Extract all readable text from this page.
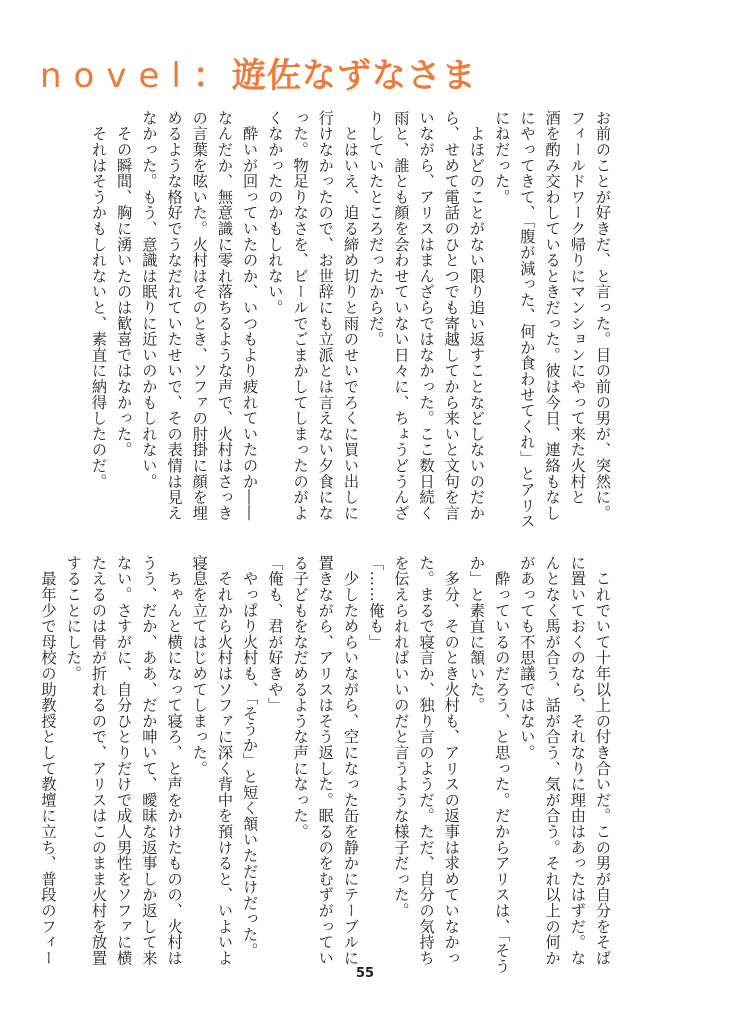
novel： 遊佐なずなさま

お前のことが好きだ、と言った。目の前の男が、突然に。

フィールドワーク帰りにマンションにやって来た火村と

酒を酌み交わしているときだった。彼は今日、連絡もなし

にやってきて、「腹が減った、何か食わせてくれ」とアリス

にねだった。

　よほどのことがない限り追い返すことなどしないのだか

ら、せめて電話のひとつでも寄越してから来いと文句を言

いながら、アリスはまんざらではなかった。ここ数日続く

雨と、誰とも顔を会わせていない日々に、ちょうどうんざ

りしていたところだったからだ。

　とはいえ、迫る締め切りと雨のせいでろくに買い出しに

行けなかったので、お世辞にも立派とは言えない夕食にな

った。物足りなさを、ビールでごまかしてしまったのがよ

くなかったのかもしれない。

　酔いが回っていたのか、いつもより疲れていたのか――

なんだか、無意識に零れ落ちるような声で、火村はさっき

の言葉を呟いた。火村はそのとき、ソファの肘掛に顔を埋

めるような格好でうなだれていたせいで、その表情は見え

なかった。もう、意識は眠りに近いのかもしれない。

　その瞬間、胸に湧いたのは歓喜ではなかった。

　それはそうかもしれないと、素直に納得したのだ。

　これでいて十年以上の付き合いだ。この男が自分をそば

に置いておくのなら、それなりに理由はあったはずだ。な

んとなく馬が合う、話が合う、気が合う。それ以上の何か

があっても不思議ではない。

　酔っているのだろう、と思った。だからアリスは、「そう

か」と素直に頷いた。

　多分、そのとき火村も、アリスの返事は求めていなかっ

た。まるで寝言か、独り言のようだ。ただ、自分の気持ち

を伝えられればいいのだと言うような様子だった。

「……俺も」

　少しためらいながら、空になった缶を静かにテーブルに

置きながら、アリスはそう返した。眠るのをむずがってい

る子どもをなだめるような声になった。

「俺も、君が好きや」

　やっぱり火村も、「そうか」と短く頷いただけだった。

　それから火村はソファに深く背中を預けると、いよいよ

寝息を立てはじめてしまった。

　ちゃんと横になって寝ろ、と声をかけたものの、火村は

うう、だか、ああ、だか呻いて、曖昧な返事しか返して来

ない。さすがに、自分ひとりだけで成人男性をソファに横

たえるのは骨が折れるので、アリスはこのまま火村を放置

することにした。

　最年少で母校の助教授として教壇に立ち、普段のフィー

55
